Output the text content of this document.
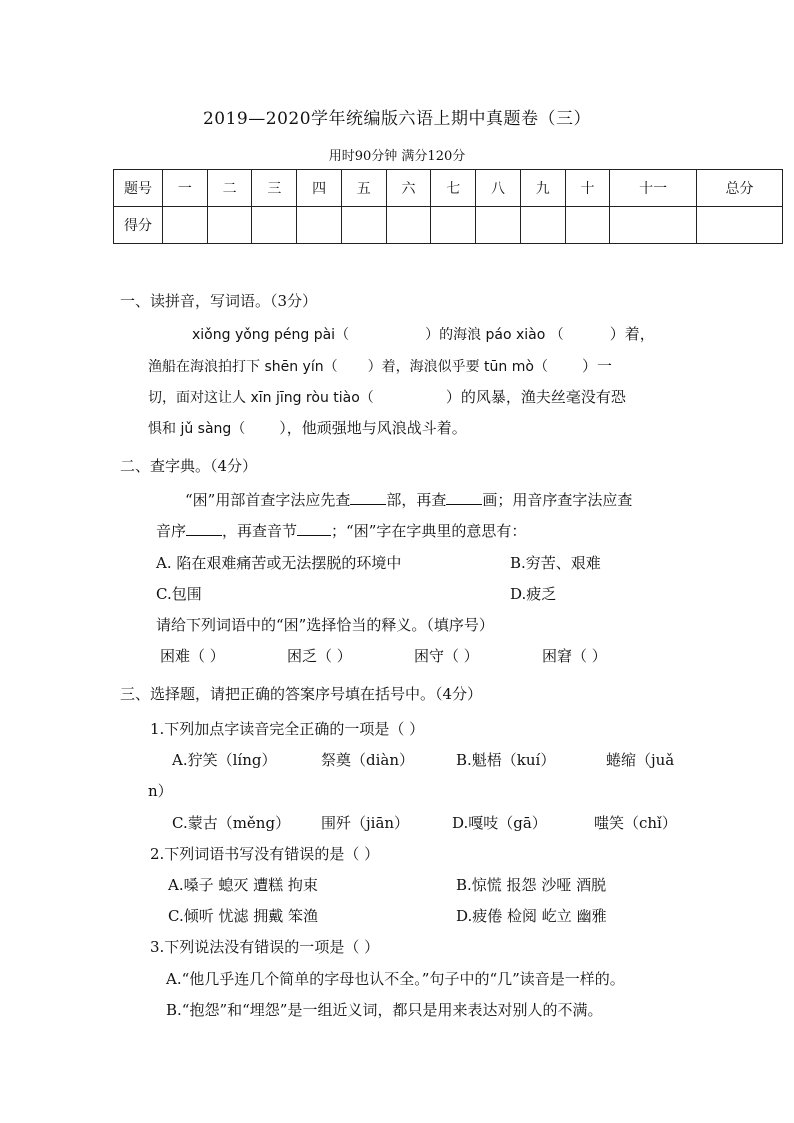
2019—2020学年统编版六语上期中真题卷（三）
用时90分钟 满分120分
题号	一	二	三	四	五	六	七	八	九	十	十一	总分
得分												
一、读拼音，写词语。（3分）
xiǒng yǒng péng pài（	）的海浪 páo xiào （	）着，
渔船在海浪拍打下 shēn yín（ ）着，海浪似乎要 tūn mò（ ）一
切，面对这让人 xīn jīng ròu tiào（	）的风暴，渔夫丝毫没有恐
惧和 jǔ sàng（ ），他顽强地与风浪战斗着。
二、查字典。（4分）
“困”用部首查字法应先查 部，再查 画；用音序查字法应查
音序 ，再查音节 ；“困”字在字典里的意思有：
A. 陷在艰难痛苦或无法摆脱的环境中	B.穷苦、艰难
C.包围	D.疲乏
请给下列词语中的“困”选择恰当的释义。（填序号）
困难（ ）	困乏（ ）	困守（ ）	困窘（ ）
三、选择题，请把正确的答案序号填在括号中。（4分）
1.下列加点字读音完全正确的一项是（ ）
A.狞笑（líng）	祭奠（diàn）	B.魁梧（kuí）	蜷缩（juǎ
n）
C.蒙古（měng） 围歼（jiān）	D.嘎吱（gā）	嗤笑（chǐ）
2.下列词语书写没有错误的是（ ）
A.嗓子 螅灭 遭糕 拘束	B.惊慌 报怨 沙哑 酒脱
C.倾听 忧滤 拥戴 笨渔	D.疲倦 检阅 屹立 幽雅
3.下列说法没有错误的一项是（ ）
A.“他几乎连几个简单的字母也认不全。”句子中的“几”读音是一样的。
B.“抱怨”和“埋怨”是一组近义词，都只是用来表达对别人的不满。
